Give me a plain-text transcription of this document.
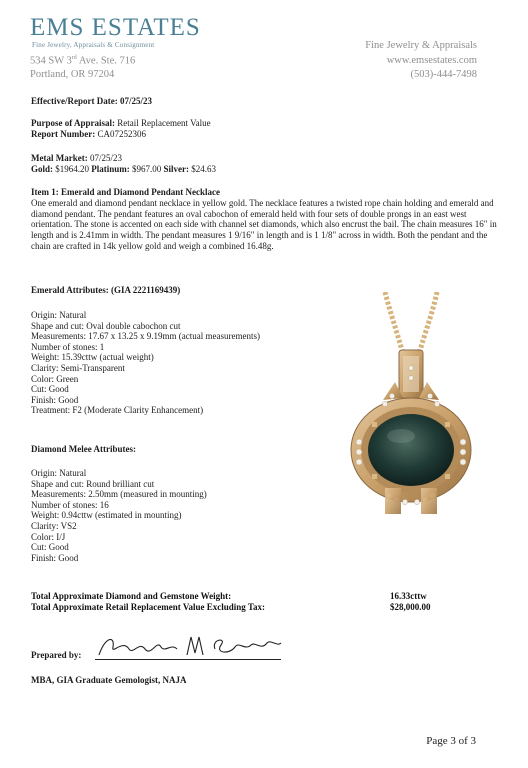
EMS ESTATES
Fine Jewelry, Appraisals & Consignment
534 SW 3rd Ave. Ste. 716
Portland, OR 97204
Fine Jewelry & Appraisals
www.emsestates.com
(503)-444-7498
Effective/Report Date: 07/25/23
Purpose of Appraisal: Retail Replacement Value
Report Number: CA07252306
Metal Market: 07/25/23
Gold: $1964.20 Platinum: $967.00 Silver: $24.63
Item 1: Emerald and Diamond Pendant Necklace
One emerald and diamond pendant necklace in yellow gold. The necklace features a twisted rope chain holding and emerald and diamond pendant. The pendant features an oval cabochon of emerald held with four sets of double prongs in an east west orientation. The stone is accented on each side with channel set diamonds, which also encrust the bail. The chain measures 16" in length and is 2.41mm in width. The pendant measures 1 9/16" in length and is 1 1/8" across in width. Both the pendant and the chain are crafted in 14k yellow gold and weigh a combined 16.48g.
Emerald Attributes: (GIA 2221169439)
Origin: Natural
Shape and cut: Oval double cabochon cut
Measurements: 17.67 x 13.25 x 9.19mm (actual measurements)
Number of stones: 1
Weight: 15.39cttw (actual weight)
Clarity: Semi-Transparent
Color: Green
Cut: Good
Finish: Good
Treatment: F2 (Moderate Clarity Enhancement)
Diamond Melee Attributes:
Origin: Natural
Shape and cut: Round brilliant cut
Measurements: 2.50mm (measured in mounting)
Number of stones: 16
Weight: 0.94cttw (estimated in mounting)
Clarity: VS2
Color: I/J
Cut: Good
Finish: Good
Total Approximate Diamond and Gemstone Weight:	16.33cttw
Total Approximate Retail Replacement Value Excluding Tax:	$28,000.00
Prepared by:
MBA, GIA Graduate Gemologist, NAJA
Page 3 of 3
